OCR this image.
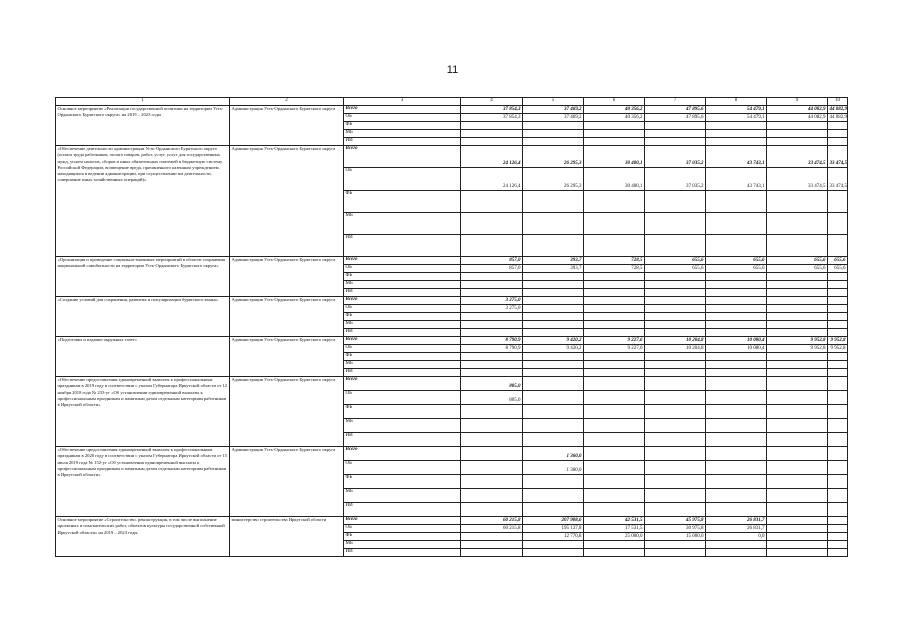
11
1	2	3	4	5	6	7	8	9	10
Основное мероприятие «Реализация государственной политики на территории Усть-Ордынского Бурятского округа» на 2019 – 2023 годы	Администрация Усть-Ордынского Бурятского округа	Всего	37 854,3	37 469,2	40 356,2	47 895,6	54 479,1	44 082,9	44 082,9
		ОБ	37 854,3	37 469,2	40 356,2	47 895,6	54 479,1	44 082,9	44 082,9
		ФБ							
		МБ							
		ИИ							
«Обеспечение деятельности администрации Усть-Ордынского Бурятского округа (оплата труда работников, оплата товаров, работ, услуг, услуг для государственных нужд, уплата налогов, сборов и иных обязательных платежей в бюджетную систему Российской Федерации, возмещение вреда, причиненного казенным учреждением, находящимся в ведении администрации, при осуществлении им деятельности, совершение иных хозяйственных операций)»	Администрация Усть-Ордынского Бурятского округа	Всего	24 126,4	26 295,3	30 400,1	37 035,2	43 743,1	33 474,5	33 474,5
		ОБ	24 126,4	26 295,3	30 400,1	37 035,2	43 743,1	33 474,5	33 474,5
		ФБ							
		МБ							
		ИИ							
«Организация и проведение социально-значимых мероприятий в области сохранения национальной самобытности на территории Усть-Ордынского Бурятского округа»	Администрация Усть-Ордынского Бурятского округа	Всего	857,0	393,7	728,5	655,6	655,6	655,6	655,6
		ОБ	857,0	393,7	728,5	655,6	655,6	655,6	655,6
		ФБ							
		МБ							
		ИИ							
«Создание условий для сохранения, развития и популяризации бурятского языка»	Администрация Усть-Ордынского Бурятского округа	Всего	3 275,0						
		ОБ	3 275,0						
		ФБ							
		МБ							
		ИИ							
«Подготовка и издание окружных газет»	Администрация Усть-Ордынского Бурятского округа	Всего	8 790,9	9 420,2	9 227,6	10 204,8	10 080,4	9 952,8	9 952,8
		ОБ	8 790,9	9 420,2	9 227,6	10 204,8	10 080,4	9 952,8	9 952,8
		ФБ							
		МБ							
		ИИ							
«Обеспечение предоставления единовременной выплаты к профессиональным праздникам в 2019 году в соответствии с указом Губернатора Иркутской области от 12 ноября 2018 года № 233-уг «Об установлении единовременной выплаты к профессиональным праздникам и памятным датам отдельным категориям работников в Иркутской области»	Администрация Усть-Ордынского Бурятского округа	Всего	805,0						
		ОБ	805,0						
		ФБ							
		МБ							
		ИИ							
«Обеспечение предоставления единовременной выплаты к профессиональным праздникам в 2020 году в соответствии с указом Губернатора Иркутской области от 15 июля 2019 года № 152-уг «Об установлении единовременной выплаты к профессиональным праздникам и памятным датам отдельным категориям работников в Иркутской области»	Администрация Усть-Ордынского Бурятского округа	Всего		1 360,0					
		ОБ		1 360,0					
		ФБ							
		МБ							
		ИИ							
Основное мероприятие «Строительство, реконструкция, в том числе выполнение проектных и изыскательских работ, объектов культуры государственной собственной Иркутской области» на 2019 – 2023 годы	министерство строительства Иркутской области	Всего	60 215,8	207 908,6	42 531,5	45 975,8	26 831,7		
		ОБ	60 215,8	195 137,8	17 531,5	30 975,8	26 831,7		
		ФБ		12 770,8	25 000,0	15 000,0	0,0		
		МБ							
		ИИ							
